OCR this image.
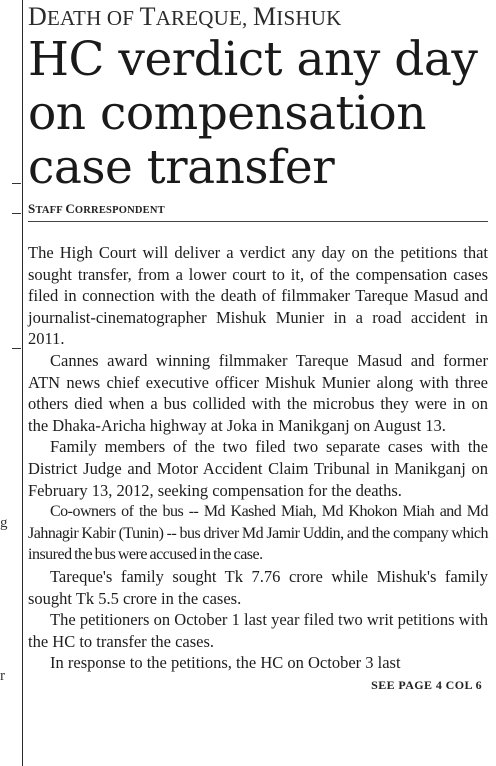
g
r
DEATH OF TAREQUE, MISHUK
HC verdict any day on compensation case transfer
STAFF CORRESPONDENT

The High Court will deliver a verdict any day on the petitions that sought transfer, from a lower court to it, of the compensation cases filed in connection with the death of filmmaker Tareque Masud and journalist-cinematographer Mishuk Munier in a road accident in 2011.

Cannes award winning filmmaker Tareque Masud and former ATN news chief executive officer Mishuk Munier along with three others died when a bus collided with the microbus they were in on the Dhaka-Aricha highway at Joka in Manikganj on August 13.

Family members of the two filed two separate cases with the District Judge and Motor Accident Claim Tribunal in Manikganj on February 13, 2012, seeking compensation for the deaths.

Co-owners of the bus -- Md Kashed Miah, Md Khokon Miah and Md Jahnagir Kabir (Tunin) -- bus driver Md Jamir Uddin, and the company which insured the bus were accused in the case.

Tareque's family sought Tk 7.76 crore while Mishuk's family sought Tk 5.5 crore in the cases.

The petitioners on October 1 last year filed two writ petitions with the HC to transfer the cases.

In response to the petitions, the HC on October 3 last

SEE PAGE 4 COL 6
